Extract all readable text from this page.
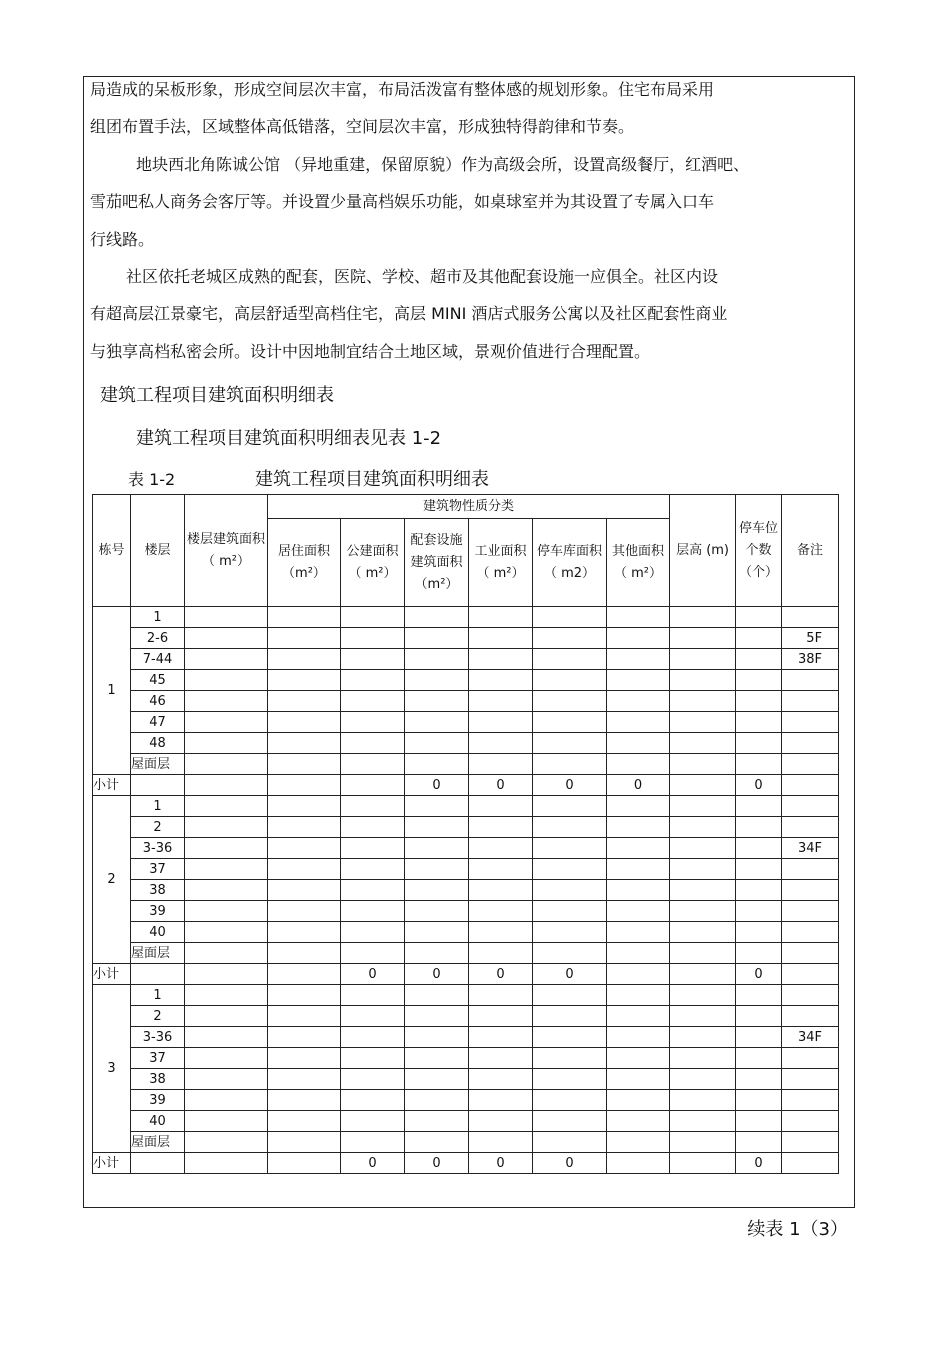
局造成的呆板形象，形成空间层次丰富，布局活泼富有整体感的规划形象。住宅布局采用
组团布置手法，区域整体高低错落，空间层次丰富，形成独特得韵律和节奏。
地块西北角陈诚公馆 （异地重建，保留原貌）作为高级会所，设置高级餐厅，红酒吧、
雪茄吧私人商务会客厅等。并设置少量高档娱乐功能，如桌球室并为其设置了专属入口车
行线路。
社区依托老城区成熟的配套，医院、学校、超市及其他配套设施一应俱全。社区内设
有超高层江景豪宅，高层舒适型高档住宅，高层 MINI 酒店式服务公寓以及社区配套性商业
与独享高档私密会所。设计中因地制宜结合土地区域，景观价值进行合理配置。
建筑工程项目建筑面积明细表
建筑工程项目建筑面积明细表见表 1-2
表 1-2	建筑工程项目建筑面积明细表
栋号	楼层	楼层建筑面积（ m²）	建筑物性质分类						层高 (m)	停车位个数（个）	备注
			居住面积（m²）	公建面积（ m²）	配套设施建筑面积（m²）	工业面积（ m²）	停车库面积（ m2）	其他面积（ m²）			
1	1										
	2-6										5F
	7-44										38F
	45										
	46										
	47										
	48										
	屋面层										
小计					0	0	0	0		0	
2	1										
	2										
	3-36										34F
	37										
	38										
	39										
	40										
	屋面层										
小计				0	0	0	0			0	
3	1										
	2										
	3-36										34F
	37										
	38										
	39										
	40										
	屋面层										
小计				0	0	0	0			0	
续表 1（3）
